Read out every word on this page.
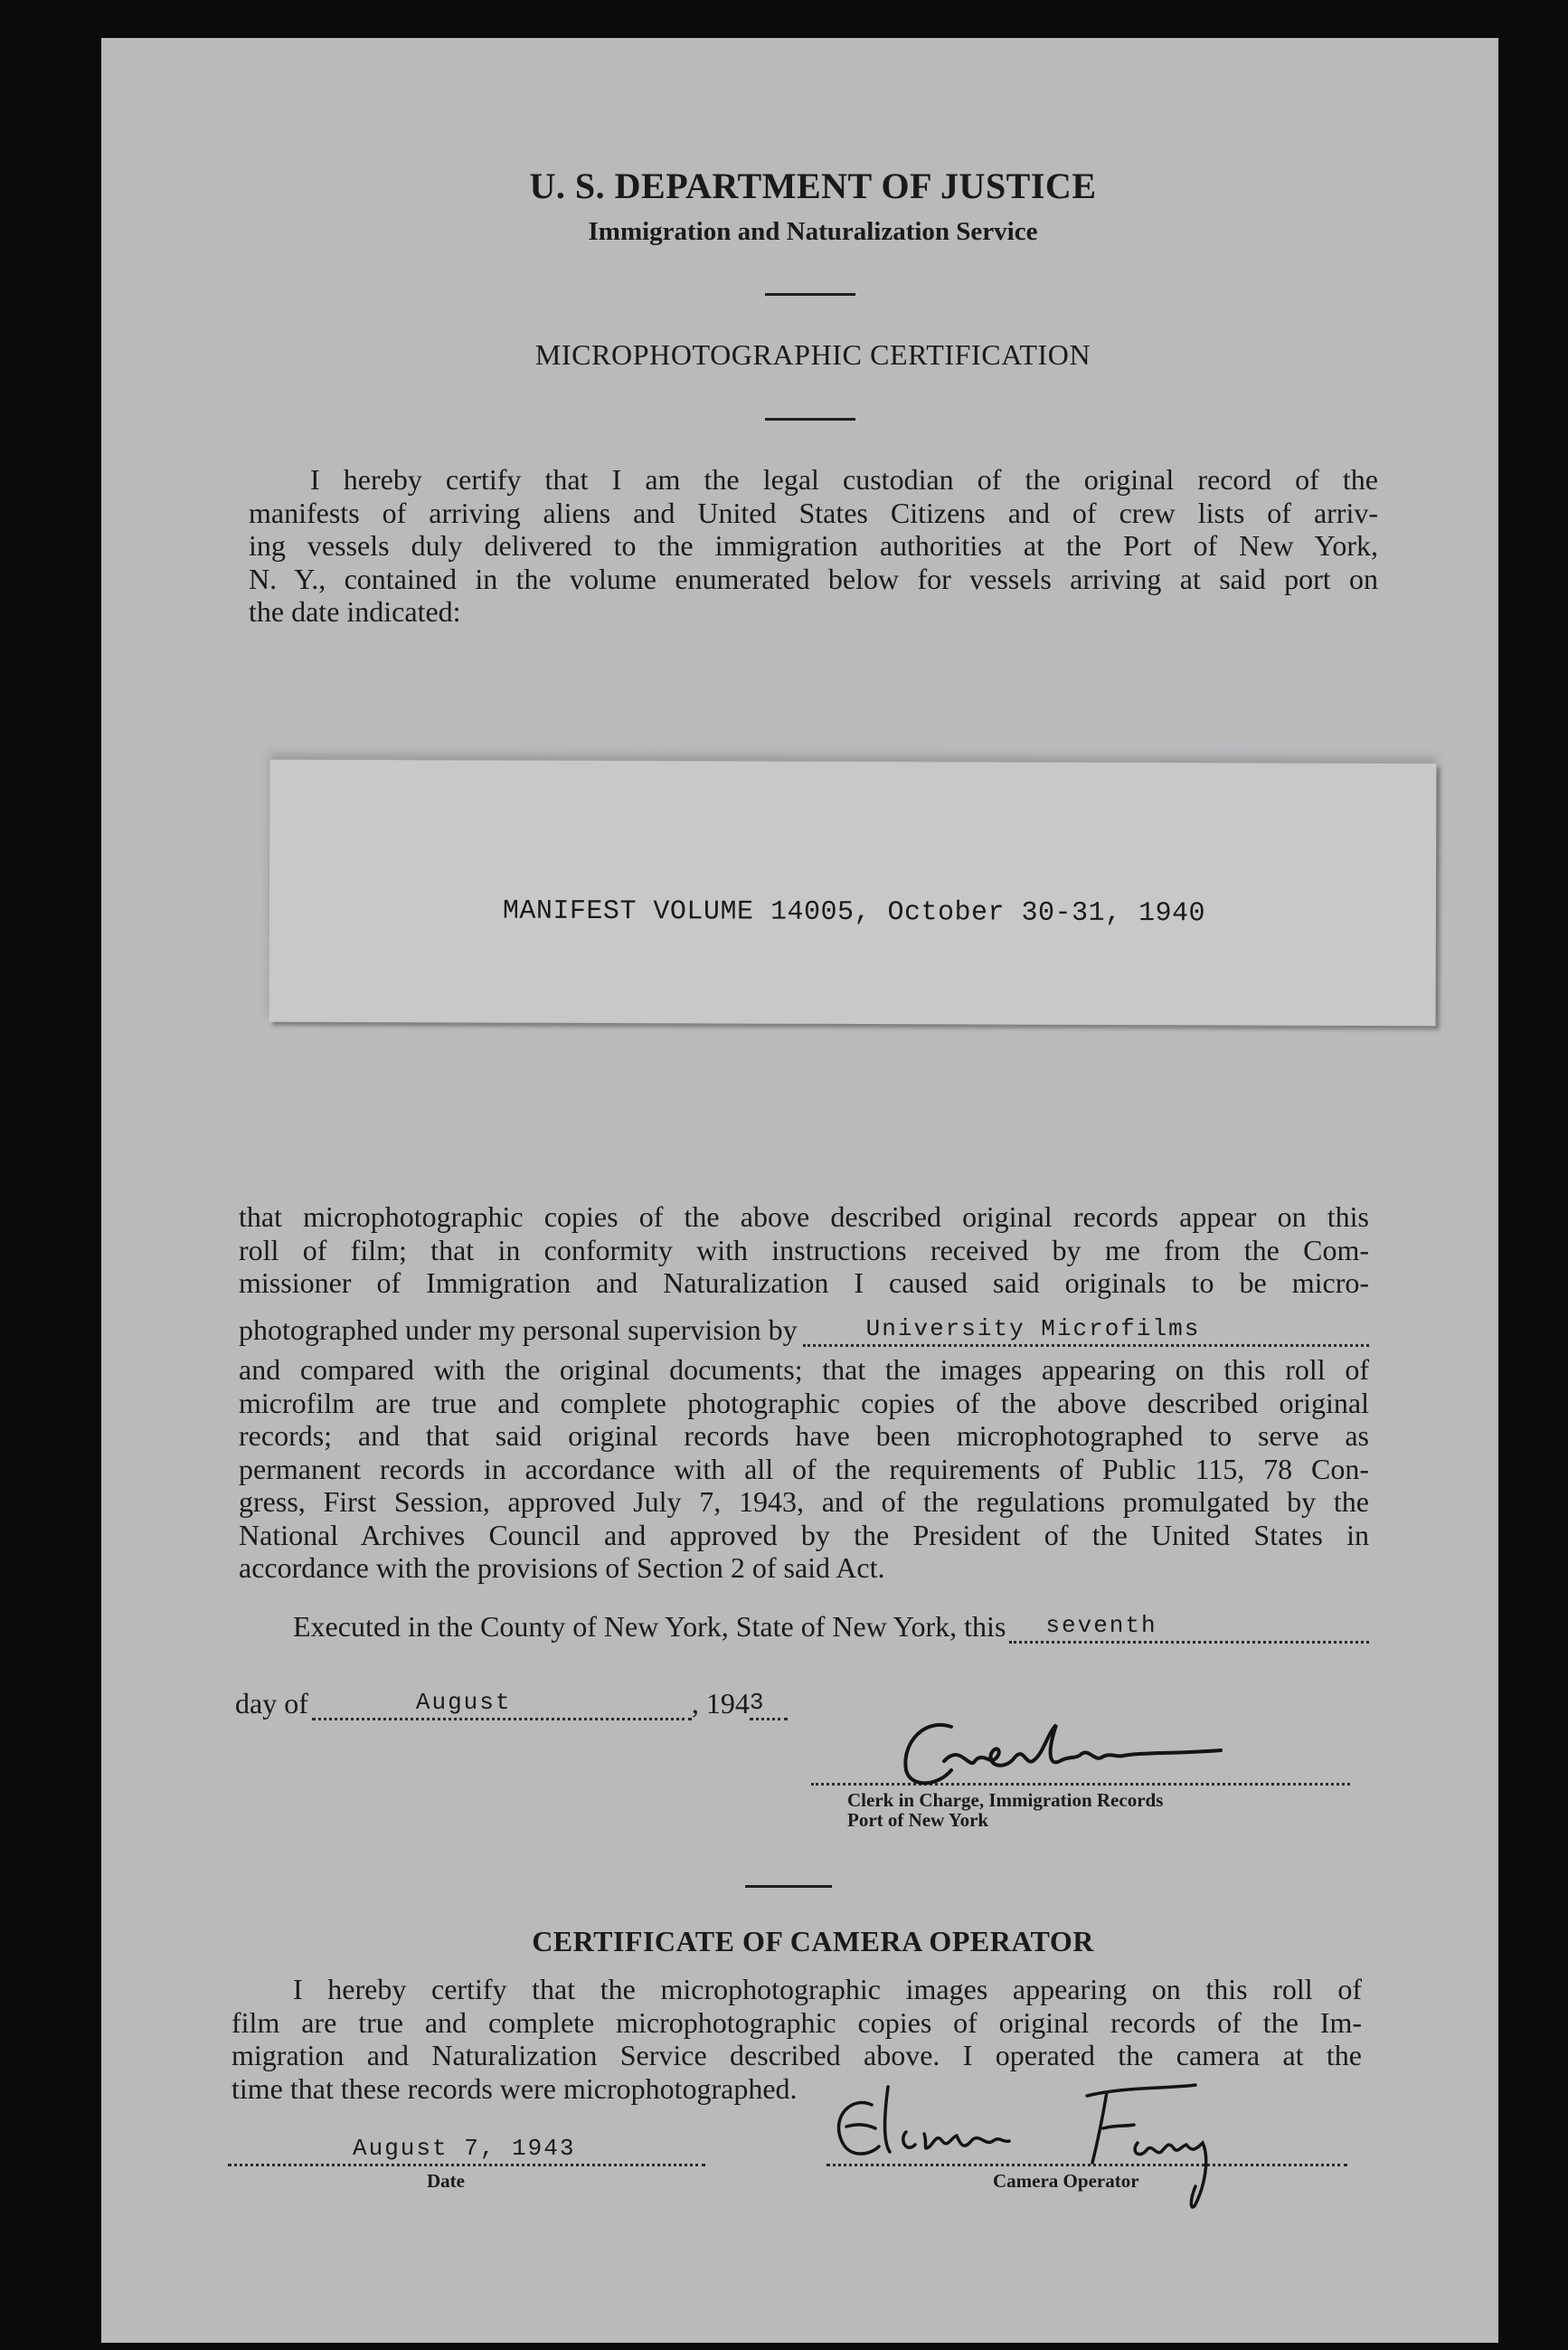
U. S. DEPARTMENT OF JUSTICE
Immigration and Naturalization Service
MICROPHOTOGRAPHIC CERTIFICATION
I hereby certify that I am the legal custodian of the original record of the
manifests of arriving aliens and United States Citizens and of crew lists of arriv-
ing vessels duly delivered to the immigration authorities at the Port of New York,
N. Y., contained in the volume enumerated below for vessels arriving at said port on
the date indicated:
MANIFEST VOLUME 14005, October 30-31, 1940
that microphotographic copies of the above described original records appear on this
roll of film; that in conformity with instructions received by me from the Com-
missioner of Immigration and Naturalization I caused said originals to be micro-
photographed under my personal supervision by	University Microfilms
and compared with the original documents; that the images appearing on this roll of
microfilm are true and complete photographic copies of the above described original
records; and that said original records have been microphotographed to serve as
permanent records in accordance with all of the requirements of Public 115, 78 Con-
gress, First Session, approved July 7, 1943, and of the regulations promulgated by the
National Archives Council and approved by the President of the United States in
accordance with the provisions of Section 2 of said Act.
Executed in the County of New York, State of New York, this seventh
day of	August	, 194 3
Clerk in Charge, Immigration Records
Port of New York
CERTIFICATE OF CAMERA OPERATOR
I hereby certify that the microphotographic images appearing on this roll of
film are true and complete microphotographic copies of original records of the Im-
migration and Naturalization Service described above. I operated the camera at the
time that these records were microphotographed.
August 7, 1943
Date	Camera Operator
